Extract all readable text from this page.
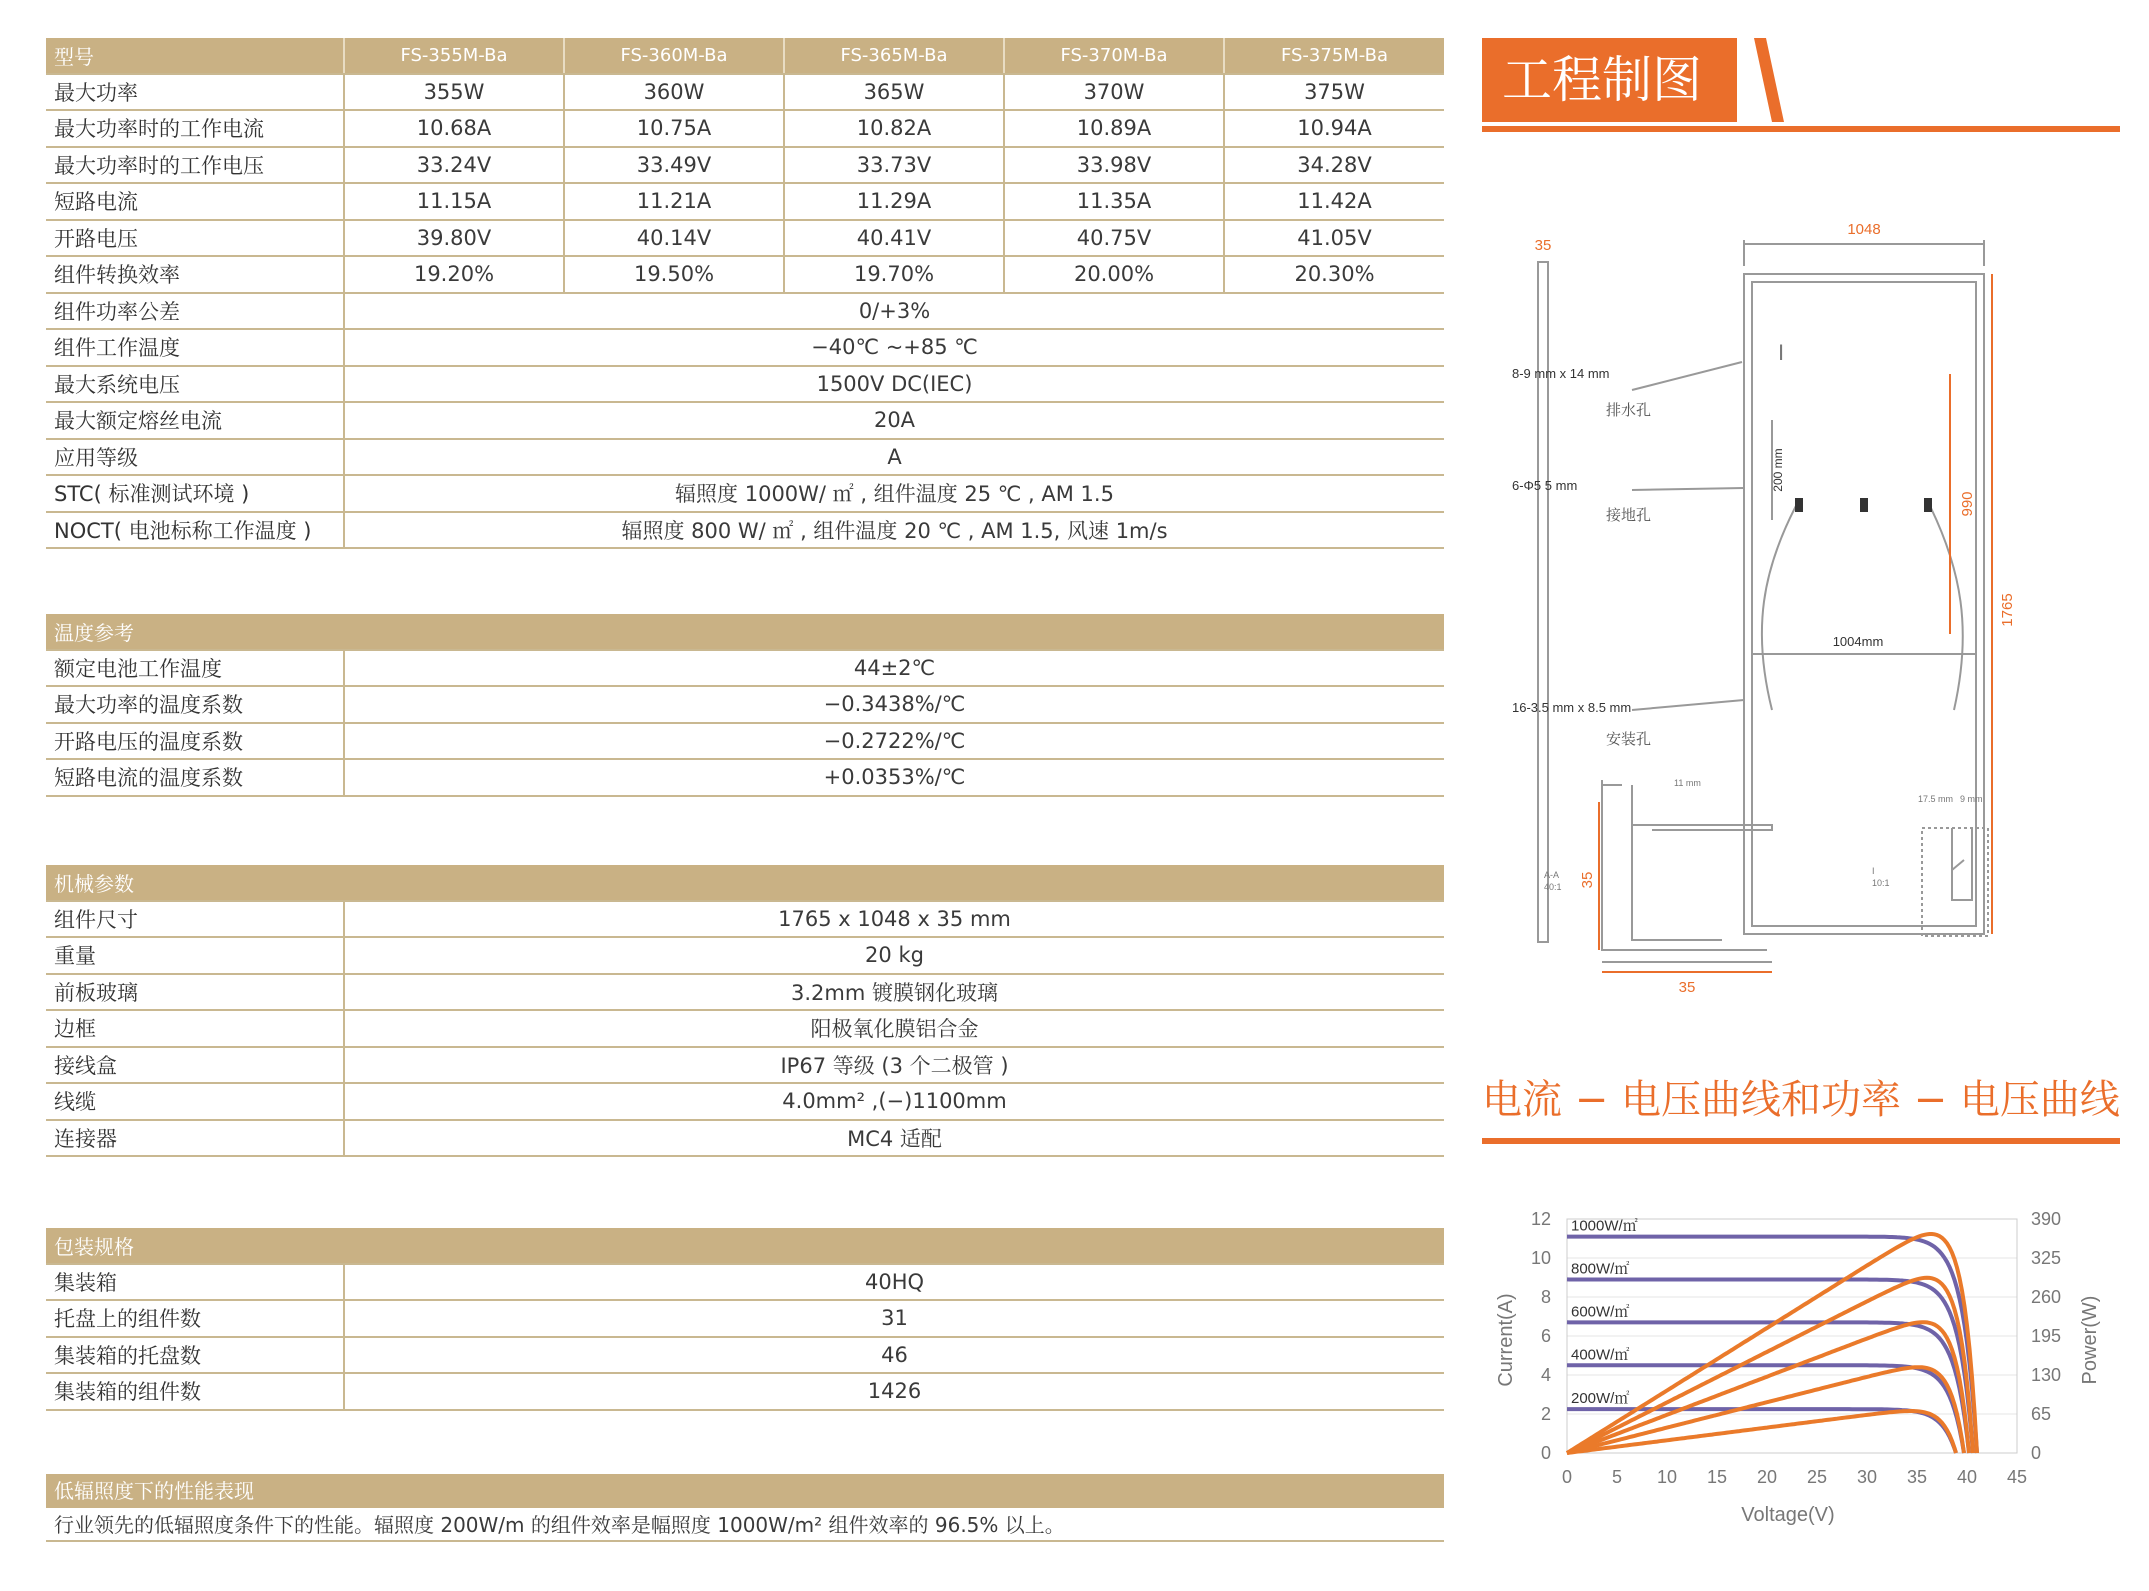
型号	FS-355M-Ba	FS-360M-Ba	FS-365M-Ba	FS-370M-Ba	FS-375M-Ba
最大功率	355W	360W	365W	370W	375W
最大功率时的工作电流	10.68A	10.75A	10.82A	10.89A	10.94A
最大功率时的工作电压	33.24V	33.49V	33.73V	33.98V	34.28V
短路电流	11.15A	11.21A	11.29A	11.35A	11.42A
开路电压	39.80V	40.14V	40.41V	40.75V	41.05V
组件转换效率	19.20%	19.50%	19.70%	20.00%	20.30%
组件功率公差	0/+3%				
组件工作温度	−40℃ ~+85 ℃				
最大系统电压	1500V DC(IEC)				
最大额定熔丝电流	20A				
应用等级	A				
STC( 标准测试环境 )	辐照度 1000W/ ㎡ , 组件温度 25 ℃ , AM 1.5				
NOCT( 电池标称工作温度 )	辐照度 800 W/ ㎡ , 组件温度 20 ℃ , AM 1.5, 风速 1m/s				
温度参考	
额定电池工作温度	44±2℃
最大功率的温度系数	−0.3438%/℃
开路电压的温度系数	−0.2722%/℃
短路电流的温度系数	+0.0353%/℃
机械参数	
组件尺寸	1765 x 1048 x 35 mm
重量	20 kg
前板玻璃	3.2mm 镀膜钢化玻璃
边框	阳极氧化膜铝合金
接线盒	IP67 等级 (3 个二极管 )
线缆	4.0mm² ,(−)1100mm
连接器	MC4 适配
包装规格	
集装箱	40HQ
托盘上的组件数	31
集装箱的托盘数	46
集装箱的组件数	1426
低辐照度下的性能表现
行业领先的低辐照度条件下的性能。辐照度 200W/m 的组件效率是幅照度 1000W/m² 组件效率的 96.5% 以上。
工程制图
1048
35
1765
990
35
35
8-9 mm x 14 mm
排水孔
6-Φ5 5 mm
接地孔
16-3.5 mm x 8.5 mm
安装孔
I
1004mm
200 mm
A-A
40:1
11 mm
I
10:1
17.5 mm 9 mm
电流 − 电压曲线和功率 − 电压曲线
0 5 10 15 20 25 30 35 40 45
0
2
4
6
8
10
12
0
65
130
195
260
325
390
1000W/㎡
800W/㎡
600W/㎡
400W/㎡
200W/㎡
Voltage(V)
Current(A)	Power(W)
